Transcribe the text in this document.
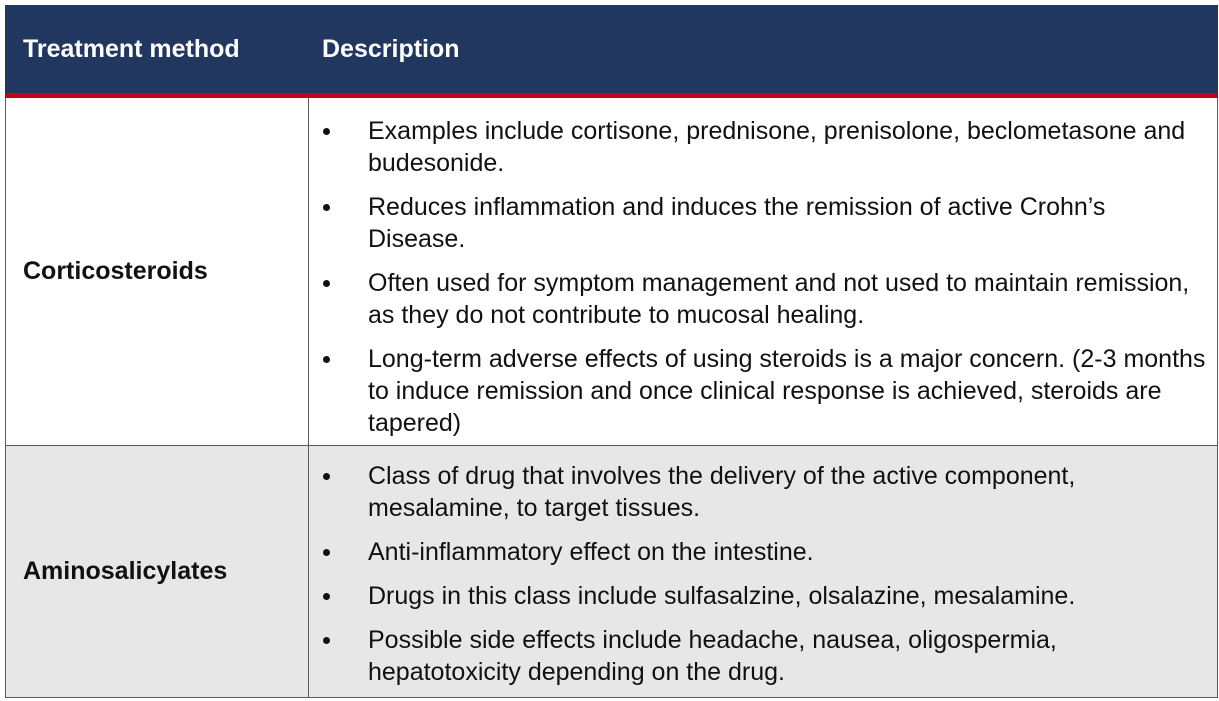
Treatment method	Description
Corticosteroids
Examples include cortisone, prednisone, prenisolone, beclometasone and budesonide.
Reduces inflammation and induces the remission of active Crohn’s Disease.
Often used for symptom management and not used to maintain remission, as they do not contribute to mucosal healing.
Long-term adverse effects of using steroids is a major concern. (2-3 months to induce remission and once clinical response is achieved, steroids are tapered)
Aminosalicylates
Class of drug that involves the delivery of the active component, mesalamine, to target tissues.
Anti-inflammatory effect on the intestine.
Drugs in this class include sulfasalzine, olsalazine, mesalamine.
Possible side effects include headache, nausea, oligospermia, hepatotoxicity depending on the drug.
